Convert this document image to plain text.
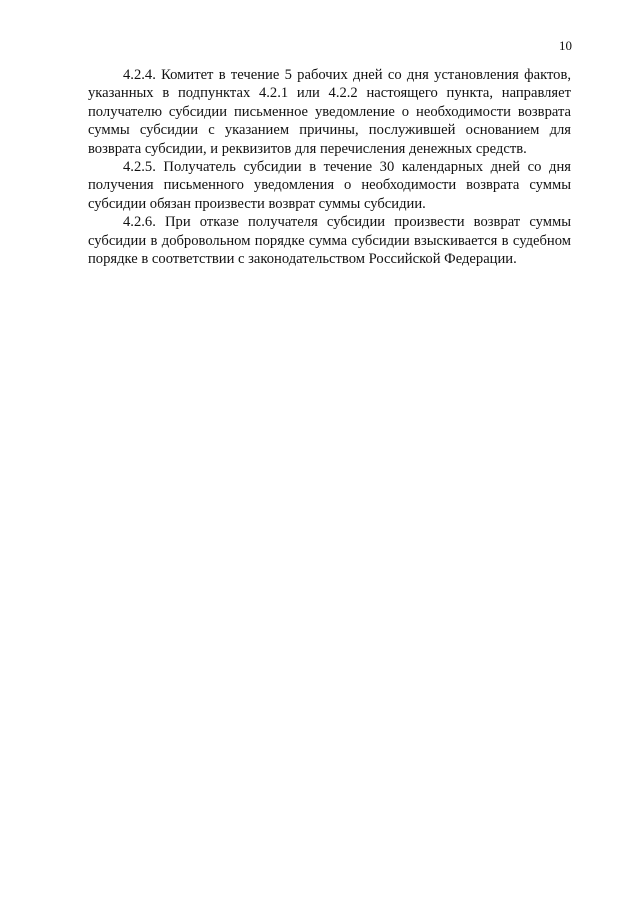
10

4.2.4. Комитет в течение 5 рабочих дней со дня установления фактов, указанных в подпунктах 4.2.1 или 4.2.2 настоящего пункта, направляет получателю субсидии письменное уведомление о необходимости возврата суммы субсидии с указанием причины, послужившей основанием для возврата субсидии, и реквизитов для перечисления денежных средств.

4.2.5. Получатель субсидии в течение 30 календарных дней со дня получения письменного уведомления о необходимости возврата суммы субсидии обязан произвести возврат суммы субсидии.

4.2.6. При отказе получателя субсидии произвести возврат суммы субсидии в добровольном порядке сумма субсидии взыскивается в судебном порядке в соответствии с законодательством Российской Федерации.
